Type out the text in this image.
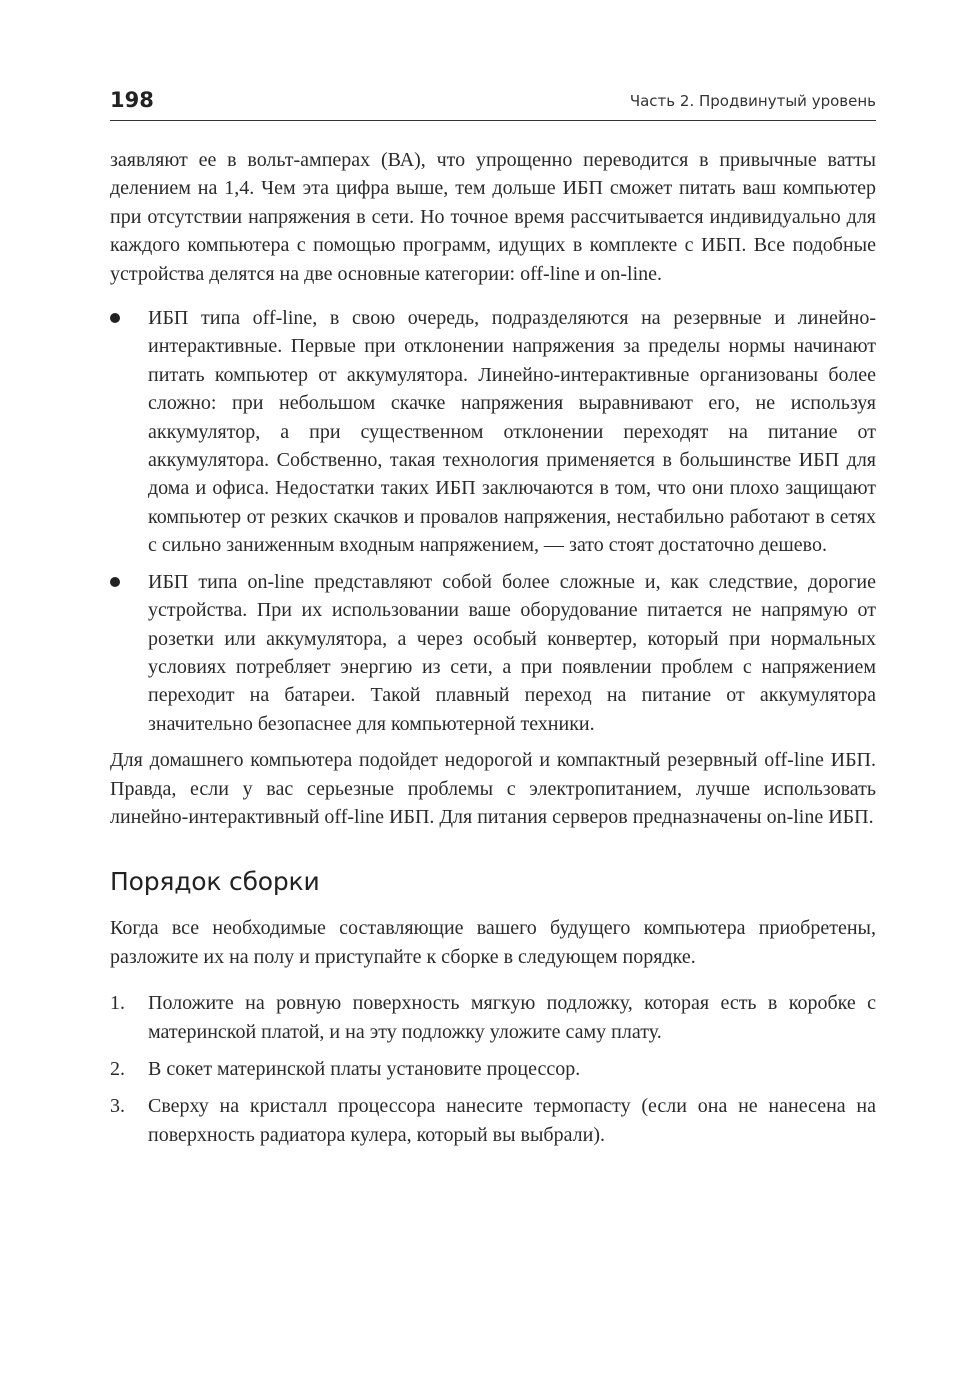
198	Часть 2. Продвинутый уровень

заявляют ее в вольт-амперах (ВА), что упрощенно переводится в привычные ватты делением на 1,4. Чем эта цифра выше, тем дольше ИБП сможет питать ваш компьютер при отсутствии напряжения в сети. Но точное время рассчитывается индивидуально для каждого компьютера с помощью программ, идущих в комплекте с ИБП. Все подобные устройства делятся на две основные категории: off-line и on-line.

ИБП типа off-line, в свою очередь, подразделяются на резервные и линейно-интерактивные. Первые при отклонении напряжения за пределы нормы начинают питать компьютер от аккумулятора. Линейно-интерактивные организованы более сложно: при небольшом скачке напряжения выравнивают его, не используя аккумулятор, а при существенном отклонении переходят на питание от аккумулятора. Собственно, такая технология применяется в большинстве ИБП для дома и офиса. Недостатки таких ИБП заключаются в том, что они плохо защищают компьютер от резких скачков и провалов напряжения, нестабильно работают в сетях с сильно заниженным входным напряжением, — зато стоят достаточно дешево.
ИБП типа on-line представляют собой более сложные и, как следствие, дорогие устройства. При их использовании ваше оборудование питается не напрямую от розетки или аккумулятора, а через особый конвертер, который при нормальных условиях потребляет энергию из сети, а при появлении проблем с напряжением переходит на батареи. Такой плавный переход на питание от аккумулятора значительно безопаснее для компьютерной техники.

Для домашнего компьютера подойдет недорогой и компактный резервный off-line ИБП. Правда, если у вас серьезные проблемы с электропитанием, лучше использовать линейно-интерактивный off-line ИБП. Для питания серверов предназначены on-line ИБП.

Порядок сборки

Когда все необходимые составляющие вашего будущего компьютера приобретены, разложите их на полу и приступайте к сборке в следующем порядке.

1. Положите на ровную поверхность мягкую подложку, которая есть в коробке с материнской платой, и на эту подложку уложите саму плату.
2. В сокет материнской платы установите процессор.
3. Сверху на кристалл процессора нанесите термопасту (если она не нанесена на поверхность радиатора кулера, который вы выбрали).
